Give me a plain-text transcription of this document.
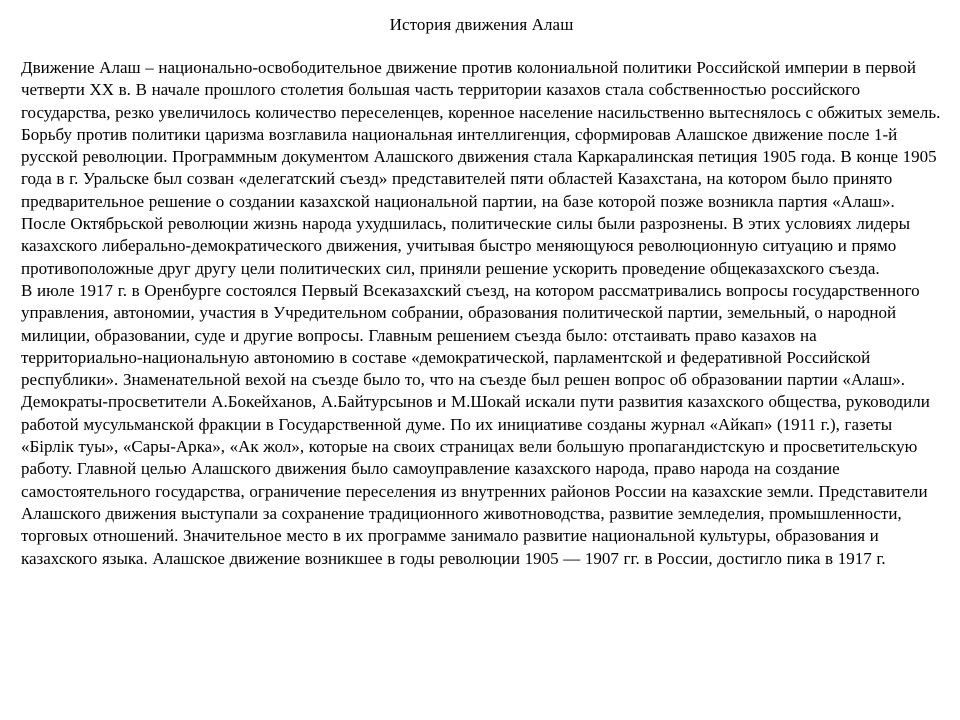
История движения Алаш

Движение Алаш – национально-освободительное движение против колониальной политики Российской империи в первой четверти XX в. В начале прошлого столетия большая часть территории казахов стала собственностью российского государства, резко увеличилось количество переселенцев, коренное население насильственно вытеснялось с обжитых земель. Борьбу против политики царизма возглавила национальная интеллигенция, сформировав Алашское движение после 1-й русской революции. Программным документом Алашского движения стала Каркаралинская петиция 1905 года. В конце 1905 года в г. Уральске был созван «делегатский съезд» представителей пяти областей Казахстана, на котором было принято предварительное решение о создании казахской национальной партии, на базе которой позже возникла партия «Алаш». После Октябрьской революции жизнь народа ухудшилась, политические силы были разрознены. В этих условиях лидеры казахского либерально-демократического движения, учитывая быстро меняющуюся революционную ситуацию и прямо противоположные друг другу цели политических сил, приняли решение ускорить проведение общеказахского съезда.

В июле 1917 г. в Оренбурге состоялся Первый Всеказахский съезд, на котором рассматривались вопросы государственного управления, автономии, участия в Учредительном собрании, образования политической партии, земельный, о народной милиции, образовании, суде и другие вопросы. Главным решением съезда было: отстаивать право казахов на территориально-национальную автономию в составе «демократической, парламентской и федеративной Российской республики». Знаменательной вехой на съезде было то, что на съезде был решен вопрос об образовании партии «Алаш».

Демократы-просветители А.Бокейханов, А.Байтурсынов и М.Шокай искали пути развития казахского общества, руководили работой мусульманской фракции в Государственной думе. По их инициативе созданы журнал «Айкап» (1911 г.), газеты «Бірлік туы», «Сары-Арка», «Ак жол», которые на своих страницах вели большую пропагандистскую и просветительскую работу. Главной целью Алашского движения было самоуправление казахского народа, право народа на создание самостоятельного государства, ограничение переселения из внутренних районов России на казахские земли. Представители Алашского движения выступали за сохранение традиционного животноводства, развитие земледелия, промышленности, торговых отношений. Значительное место в их программе занимало развитие национальной культуры, образования и казахского языка. Алашское движение возникшее в годы революции 1905 — 1907 гг. в России, достигло пика в 1917 г.
